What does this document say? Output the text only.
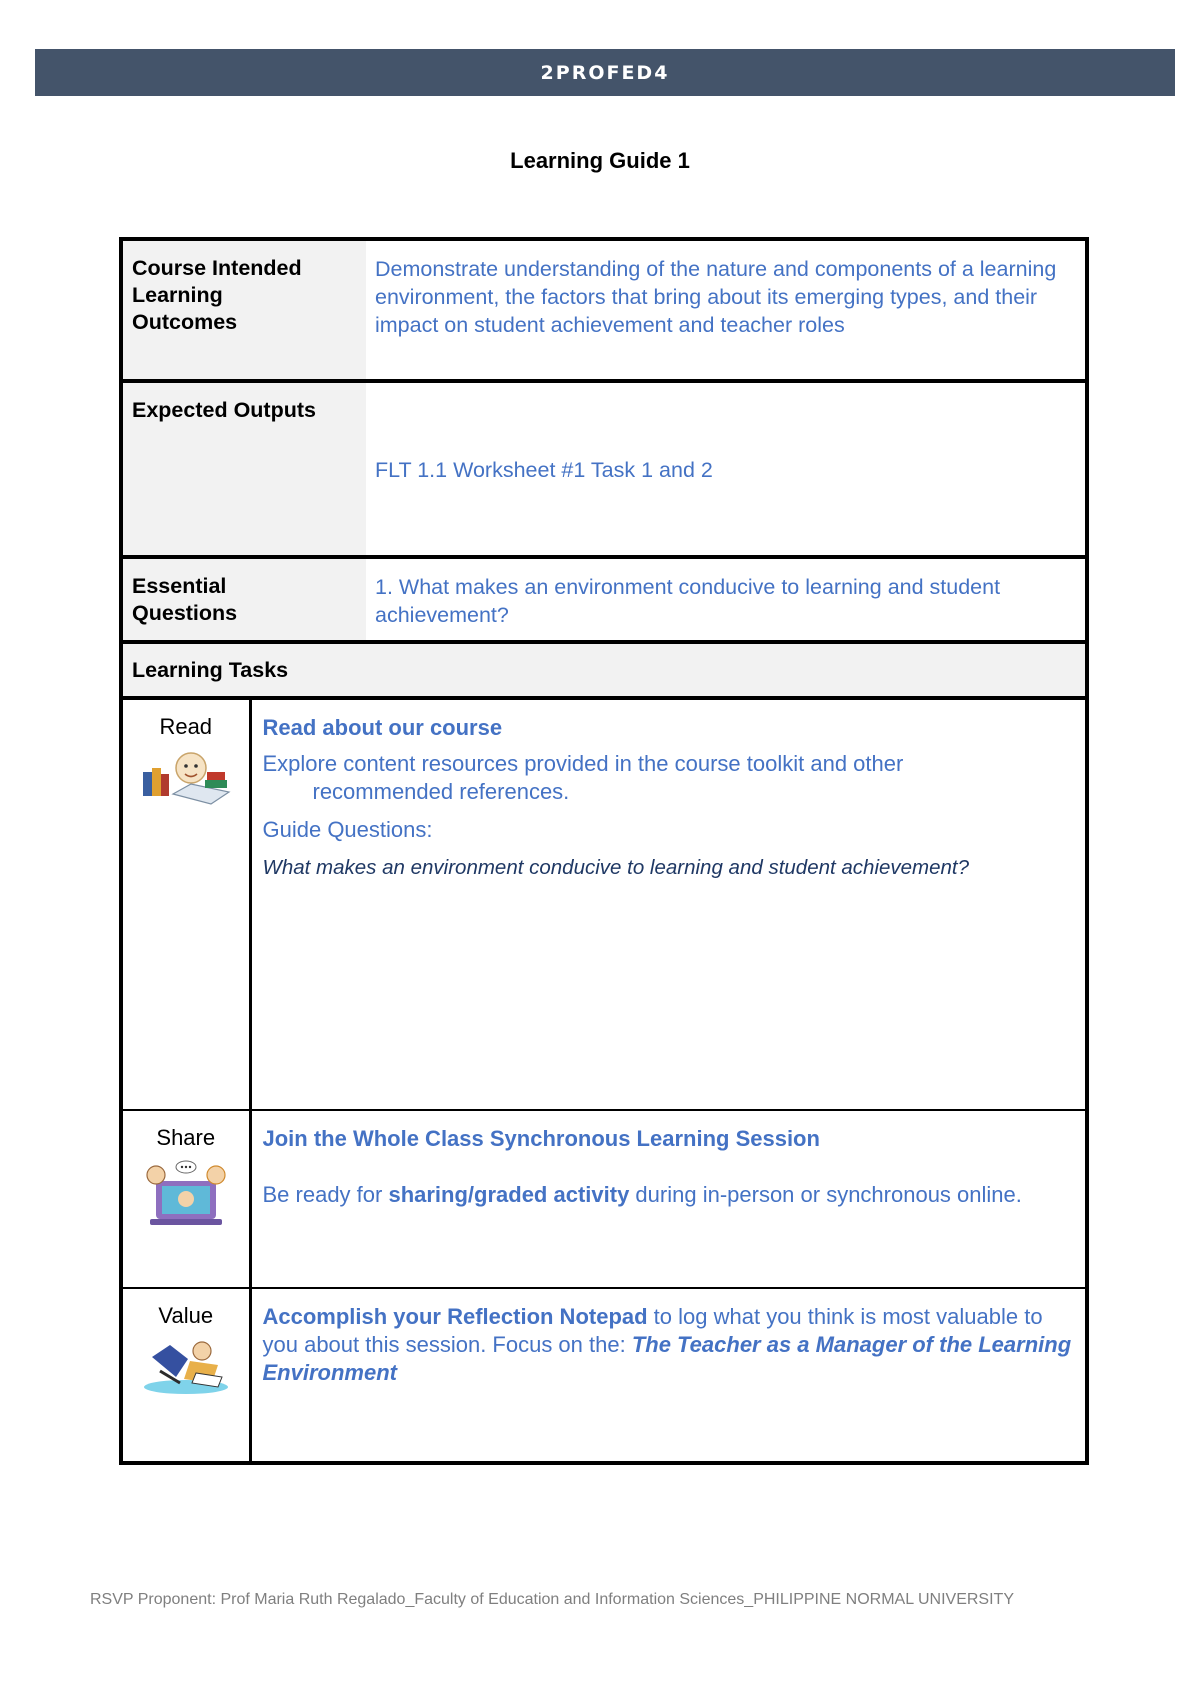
2PROFED4
Learning Guide 1
Course Intended
Learning
Outcomes	Demonstrate understanding of the nature and components of a learning environment, the factors that bring about its emerging types, and their impact on student achievement and teacher roles
Expected Outputs	FLT 1.1 Worksheet #1 Task 1 and 2

Essential
Questions	1. What makes an environment conducive to learning and student achievement?
Learning Tasks	
Read	Read about our course
Explore content resources provided in the course toolkit and other
recommended references.
Guide Questions:
What makes an environment conducive to learning and student achievement?

Share	Join the Whole Class Synchronous Learning Session
Be ready for sharing/graded activity during in-person or synchronous online.

Value	Accomplish your Reflection Notepad to log what you think is most valuable to you about this session. Focus on the: The Teacher as a Manager of the Learning Environment
RSVP Proponent: Prof Maria Ruth Regalado_Faculty of Education and Information Sciences_PHILIPPINE NORMAL UNIVERSITY
